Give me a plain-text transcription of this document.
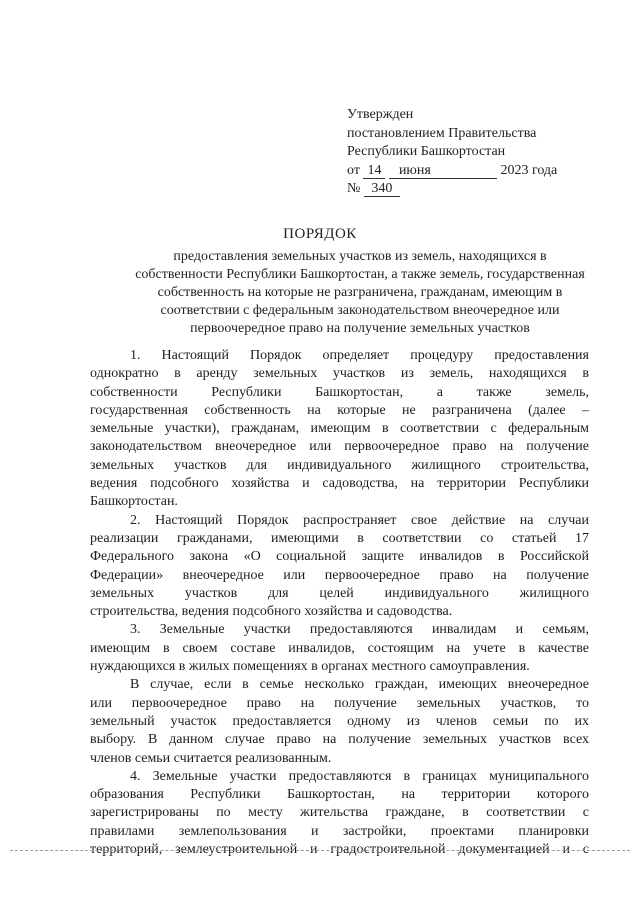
Утвержден
постановлением Правительства
Республики Башкортостан
от 14 июня	2023 года
№ 340
ПОРЯДОК
предоставления земельных участков из земель, находящихся в
собственности Республики Башкортостан, а также земель, государственная
собственность на которые не разграничена, гражданам, имеющим в
соответствии с федеральным законодательством внеочередное или
первоочередное право на получение земельных участков
1. Настоящий Порядок определяет процедуру предоставления
однократно в аренду земельных участков из земель, находящихся в
собственности Республики Башкортостан, а также земель,
государственная собственность на которые не разграничена (далее –
земельные участки), гражданам, имеющим в соответствии с федеральным
законодательством внеочередное или первоочередное право на получение
земельных участков для индивидуального жилищного строительства,
ведения подсобного хозяйства и садоводства, на территории Республики
Башкортостан.
2. Настоящий Порядок распространяет свое действие на случаи
реализации гражданами, имеющими в соответствии со статьей 17
Федерального закона «О социальной защите инвалидов в Российской
Федерации» внеочередное или первоочередное право на получение
земельных участков для целей индивидуального жилищного
строительства, ведения подсобного хозяйства и садоводства.
3. Земельные участки предоставляются инвалидам и семьям,
имеющим в своем составе инвалидов, состоящим на учете в качестве
нуждающихся в жилых помещениях в органах местного самоуправления.
В случае, если в семье несколько граждан, имеющих внеочередное
или первоочередное право на получение земельных участков, то
земельный участок предоставляется одному из членов семьи по их
выбору. В данном случае право на получение земельных участков всех
членов семьи считается реализованным.
4. Земельные участки предоставляются в границах муниципального
образования Республики Башкортостан, на территории которого
зарегистрированы по месту жительства граждане, в соответствии с
правилами землепользования и застройки, проектами планировки
территорий, землеустроительной и градостроительной документацией и с
